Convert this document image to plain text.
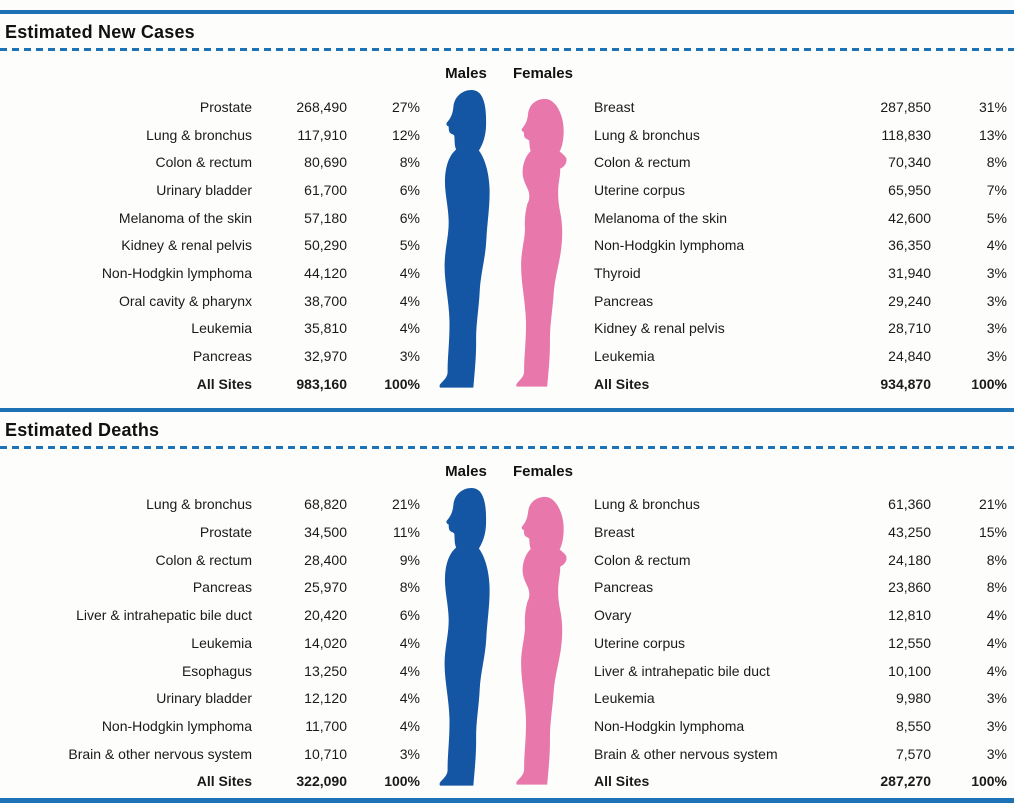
Estimated New Cases
Prostate	268,490	27%
Lung & bronchus	117,910	12%
Colon & rectum	80,690	8%
Urinary bladder	61,700	6%
Melanoma of the skin	57,180	6%
Kidney & renal pelvis	50,290	5%
Non-Hodgkin lymphoma	44,120	4%
Oral cavity & pharynx	38,700	4%
Leukemia	35,810	4%
Pancreas	32,970	3%
All Sites	983,160	100%
Males	Females
Breast	287,850	31%
Lung & bronchus	118,830	13%
Colon & rectum	70,340	8%
Uterine corpus	65,950	7%
Melanoma of the skin	42,600	5%
Non-Hodgkin lymphoma	36,350	4%
Thyroid	31,940	3%
Pancreas	29,240	3%
Kidney & renal pelvis	28,710	3%
Leukemia	24,840	3%
All Sites	934,870	100%
Estimated Deaths
Lung & bronchus	68,820	21%
Prostate	34,500	11%
Colon & rectum	28,400	9%
Pancreas	25,970	8%
Liver & intrahepatic bile duct	20,420	6%
Leukemia	14,020	4%
Esophagus	13,250	4%
Urinary bladder	12,120	4%
Non-Hodgkin lymphoma	11,700	4%
Brain & other nervous system	10,710	3%
All Sites	322,090	100%
Males	Females
Lung & bronchus	61,360	21%
Breast	43,250	15%
Colon & rectum	24,180	8%
Pancreas	23,860	8%
Ovary	12,810	4%
Uterine corpus	12,550	4%
Liver & intrahepatic bile duct	10,100	4%
Leukemia	9,980	3%
Non-Hodgkin lymphoma	8,550	3%
Brain & other nervous system	7,570	3%
All Sites	287,270	100%
